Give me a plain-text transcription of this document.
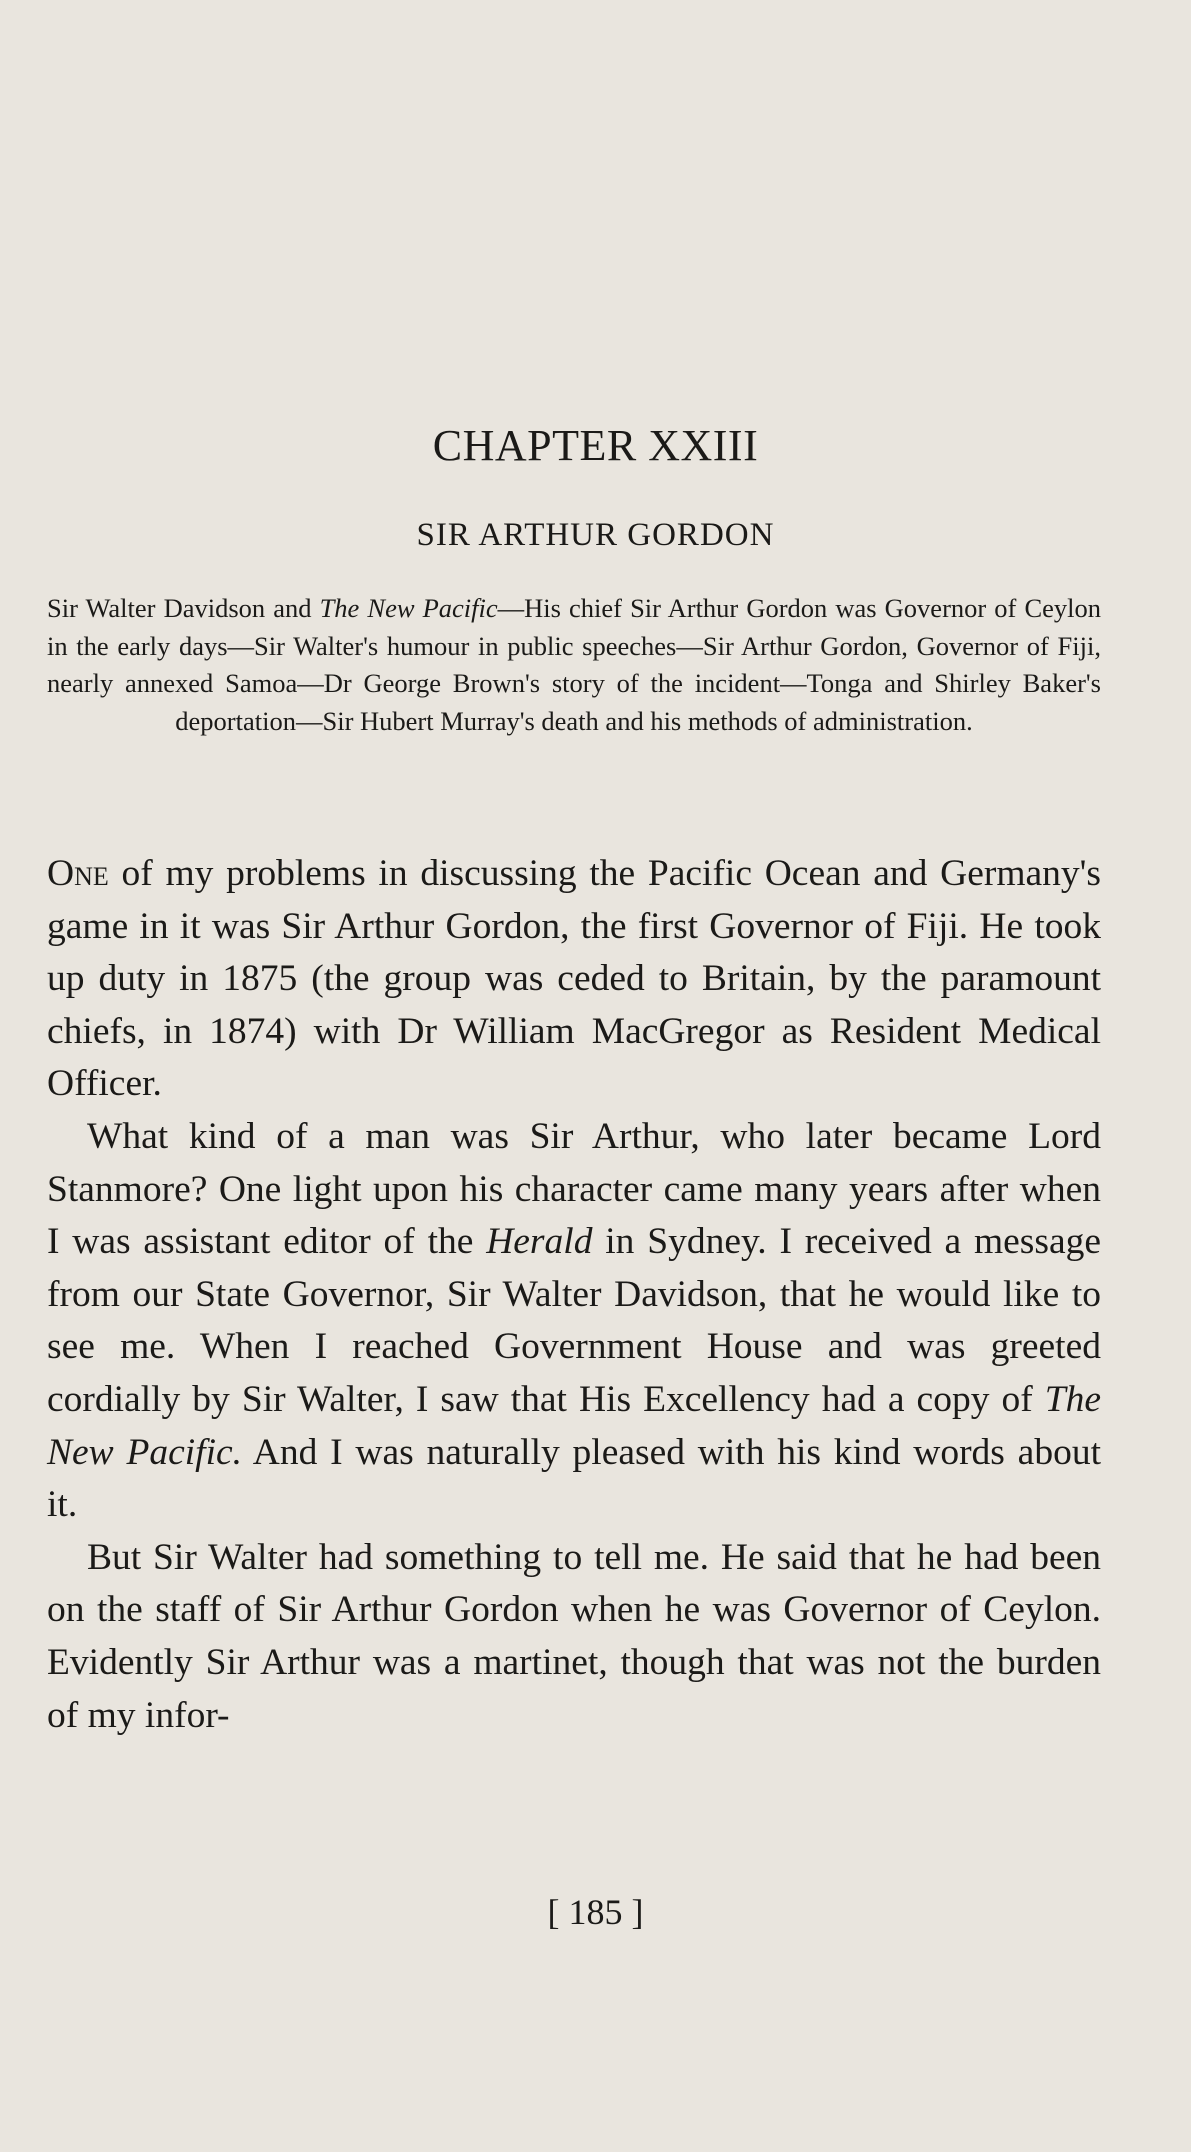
CHAPTER XXIII
SIR ARTHUR GORDON
Sir Walter Davidson and The New Pacific—His chief Sir Arthur Gordon was Governor of Ceylon in the early days—Sir Walter's humour in public speeches—Sir Arthur Gordon, Governor of Fiji, nearly annexed Samoa—Dr George Brown's story of the incident—Tonga and Shirley Baker's deportation—Sir Hubert Murray's death and his methods of administration.

One of my problems in discussing the Pacific Ocean and Germany's game in it was Sir Arthur Gordon, the first Governor of Fiji. He took up duty in 1875 (the group was ceded to Britain, by the paramount chiefs, in 1874) with Dr William MacGregor as Resident Medical Officer.

What kind of a man was Sir Arthur, who later became Lord Stanmore? One light upon his character came many years after when I was assistant editor of the Herald in Sydney. I received a message from our State Governor, Sir Walter Davidson, that he would like to see me. When I reached Government House and was greeted cordially by Sir Walter, I saw that His Excellency had a copy of The New Pacific. And I was naturally pleased with his kind words about it.

But Sir Walter had something to tell me. He said that he had been on the staff of Sir Arthur Gordon when he was Governor of Ceylon. Evidently Sir Arthur was a martinet, though that was not the burden of my infor-

[ 185 ]
